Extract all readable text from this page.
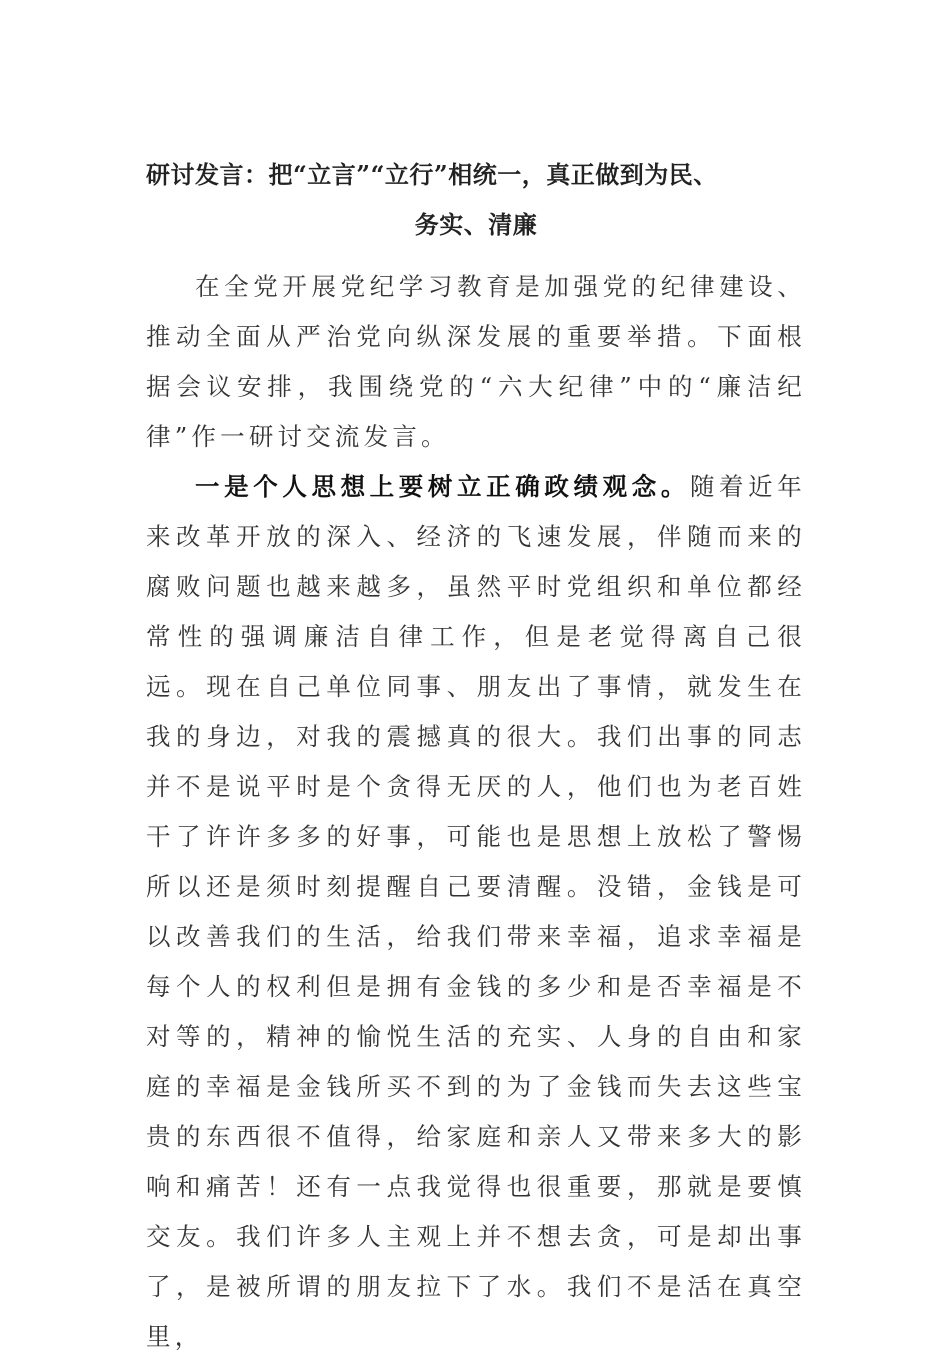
研讨发言：把“立言”“立行”相统一，真正做到为民、
务实、清廉

在全党开展党纪学习教育是加强党的纪律建设、推动全面从严治党向纵深发展的重要举措。下面根据会议安排，我围绕党的“六大纪律”中的“廉洁纪律”作一研讨交流发言。

一是个人思想上要树立正确政绩观念。随着近年来改革开放的深入、经济的飞速发展，伴随而来的腐败问题也越来越多，虽然平时党组织和单位都经常性的强调廉洁自律工作，但是老觉得离自己很远。现在自己单位同事、朋友出了事情，就发生在我的身边，对我的震撼真的很大。我们出事的同志并不是说平时是个贪得无厌的人，他们也为老百姓干了许许多多的好事，可能也是思想上放松了警惕所以还是须时刻提醒自己要清醒。没错，金钱是可以改善我们的生活，给我们带来幸福，追求幸福是每个人的权利但是拥有金钱的多少和是否幸福是不对等的，精神的愉悦生活的充实、人身的自由和家庭的幸福是金钱所买不到的为了金钱而失去这些宝贵的东西很不值得，给家庭和亲人又带来多大的影响和痛苦！还有一点我觉得也很重要，那就是要慎交友。我们许多人主观上并不想去贪，可是却出事了，是被所谓的朋友拉下了水。我们不是活在真空里，
